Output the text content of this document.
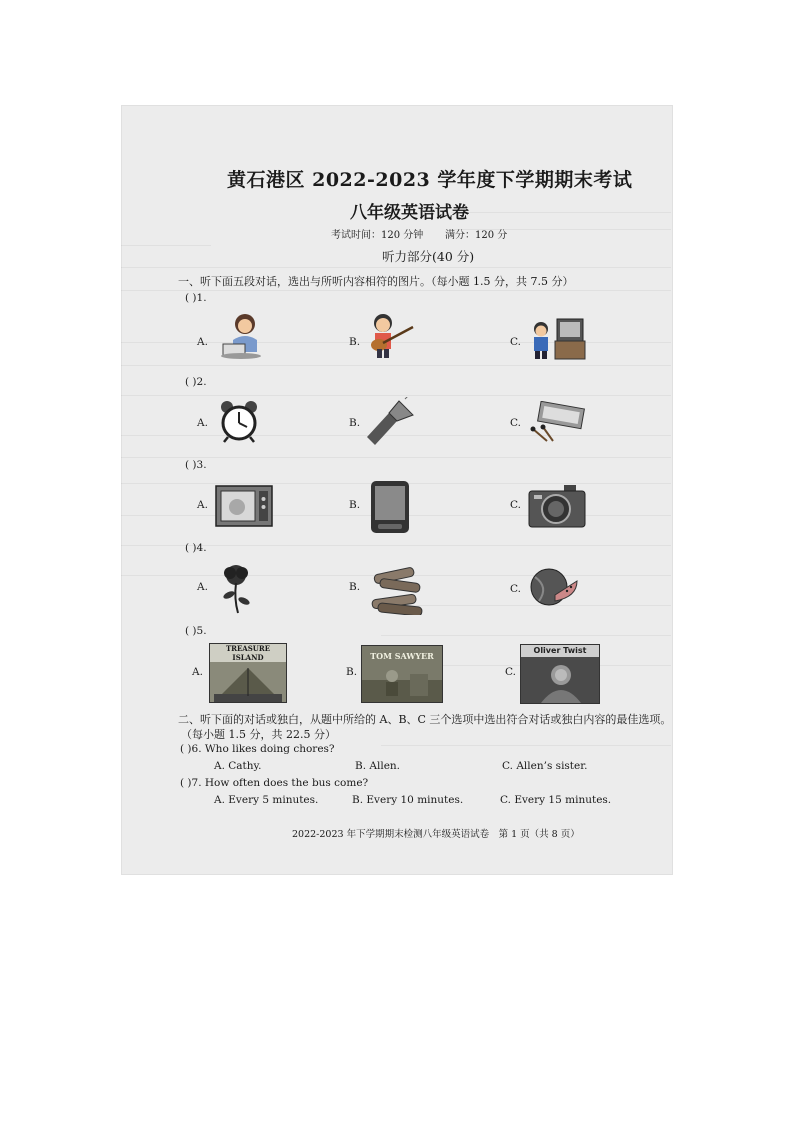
黄石港区 2022-2023 学年度下学期期末考试
八年级英语试卷
考试时间：120 分钟 满分：120 分
听力部分(40 分)
一、听下面五段对话，选出与所听内容相符的图片。（每小题 1.5 分，共 7.5 分）
( )1.
A.	B.	C.
( )2.
A.	B.	C.
( )3.
A.	B.	C.
( )4.
A.	B.	C.
( )5.
A.
TREASURE ISLAND
B.
TOM SAWYER
C.
Oliver Twist
二、听下面的对话或独白，从题中所给的 A、B、C 三个选项中选出符合对话或独白内容的最佳选项。
（每小题 1.5 分，共 22.5 分）
( )6. Who likes doing chores?
A. Cathy.	B. Allen.	C. Allen’s sister.
( )7. How often does the bus come?
A. Every 5 minutes.	B. Every 10 minutes.	C. Every 15 minutes.
2022-2023 年下学期期末检测八年级英语试卷　第 1 页（共 8 页）
